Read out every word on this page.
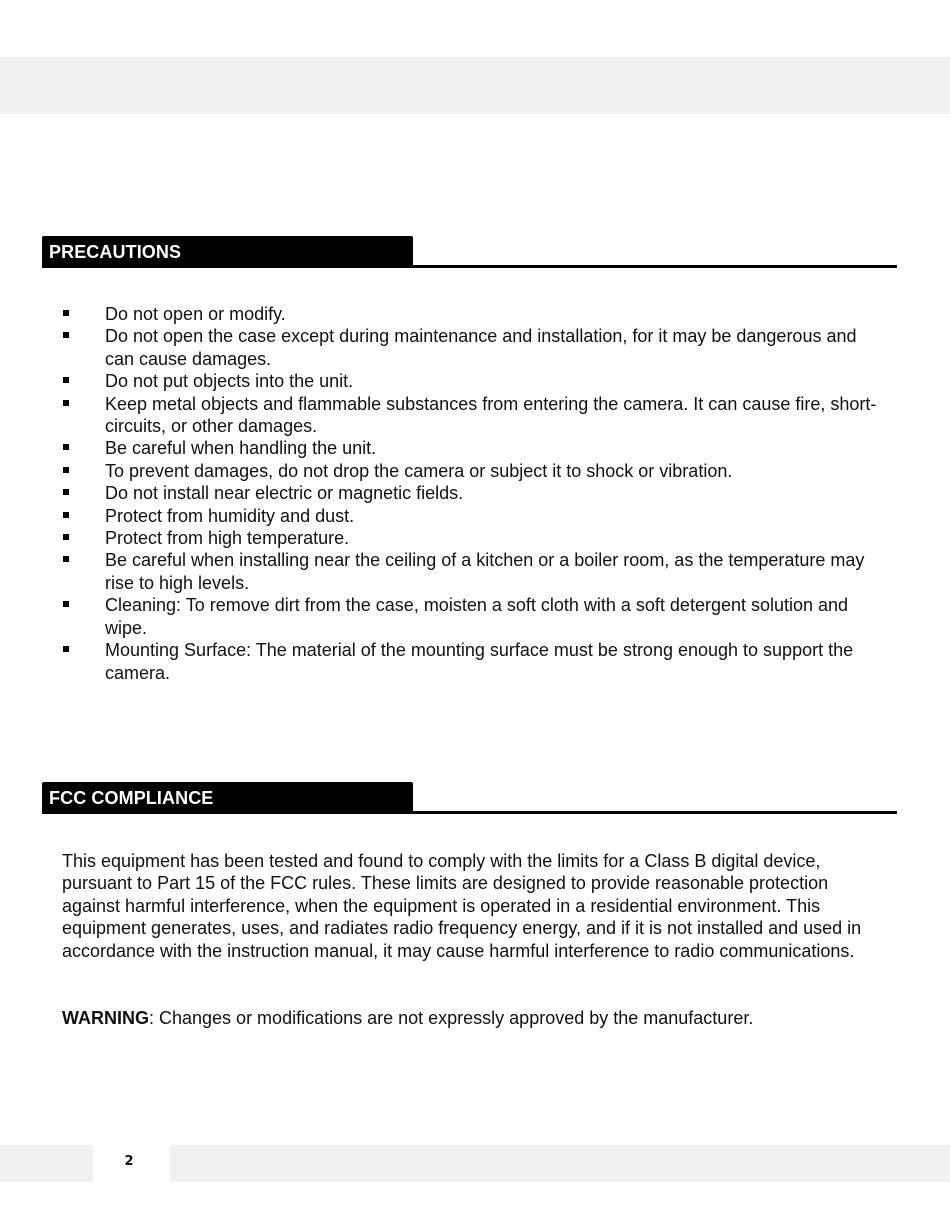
PRECAUTIONS
Do not open or modify.
Do not open the case except during maintenance and installation, for it may be dangerous and can cause damages.
Do not put objects into the unit.
Keep metal objects and flammable substances from entering the camera. It can cause fire, short-circuits, or other damages.
Be careful when handling the unit.
To prevent damages, do not drop the camera or subject it to shock or vibration.
Do not install near electric or magnetic fields.
Protect from humidity and dust.
Protect from high temperature.
Be careful when installing near the ceiling of a kitchen or a boiler room, as the temperature may rise to high levels.
Cleaning: To remove dirt from the case, moisten a soft cloth with a soft detergent solution and wipe.
Mounting Surface: The material of the mounting surface must be strong enough to support the camera.
FCC COMPLIANCE

This equipment has been tested and found to comply with the limits for a Class B digital device, pursuant to Part 15 of the FCC rules. These limits are designed to provide reasonable protection against harmful interference, when the equipment is operated in a residential environment. This equipment generates, uses, and radiates radio frequency energy, and if it is not installed and used in accordance with the instruction manual, it may cause harmful interference to radio communications.

WARNING: Changes or modifications are not expressly approved by the manufacturer.

2
